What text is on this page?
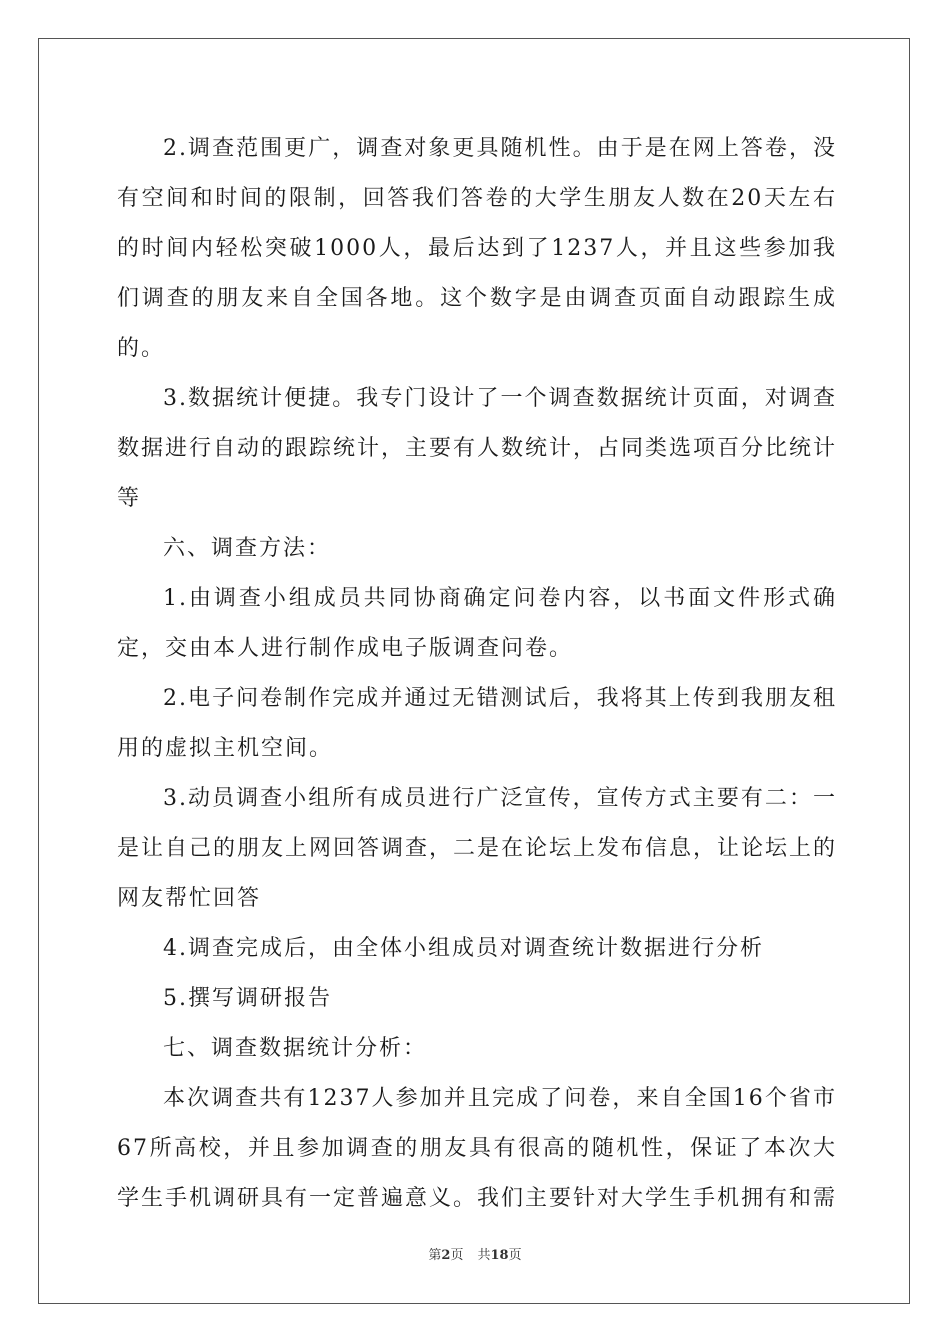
2.调查范围更广，调查对象更具随机性。由于是在网上答卷，没有空间和时间的限制，回答我们答卷的大学生朋友人数在20天左右的时间内轻松突破1000人，最后达到了1237人，并且这些参加我们调查的朋友来自全国各地。这个数字是由调查页面自动跟踪生成的。

3.数据统计便捷。我专门设计了一个调查数据统计页面，对调查数据进行自动的跟踪统计，主要有人数统计，占同类选项百分比统计等

六、调查方法：

1.由调查小组成员共同协商确定问卷内容，以书面文件形式确定，交由本人进行制作成电子版调查问卷。

2.电子问卷制作完成并通过无错测试后，我将其上传到我朋友租用的虚拟主机空间。

3.动员调查小组所有成员进行广泛宣传，宣传方式主要有二：一是让自己的朋友上网回答调查，二是在论坛上发布信息，让论坛上的网友帮忙回答

4.调查完成后，由全体小组成员对调查统计数据进行分析

5.撰写调研报告

七、调查数据统计分析：

本次调查共有1237人参加并且完成了问卷，来自全国16个省市67所高校，并且参加调查的朋友具有很高的随机性，保证了本次大学生手机调研具有一定普遍意义。我们主要针对大学生手机拥有和需

第2页 共18页
